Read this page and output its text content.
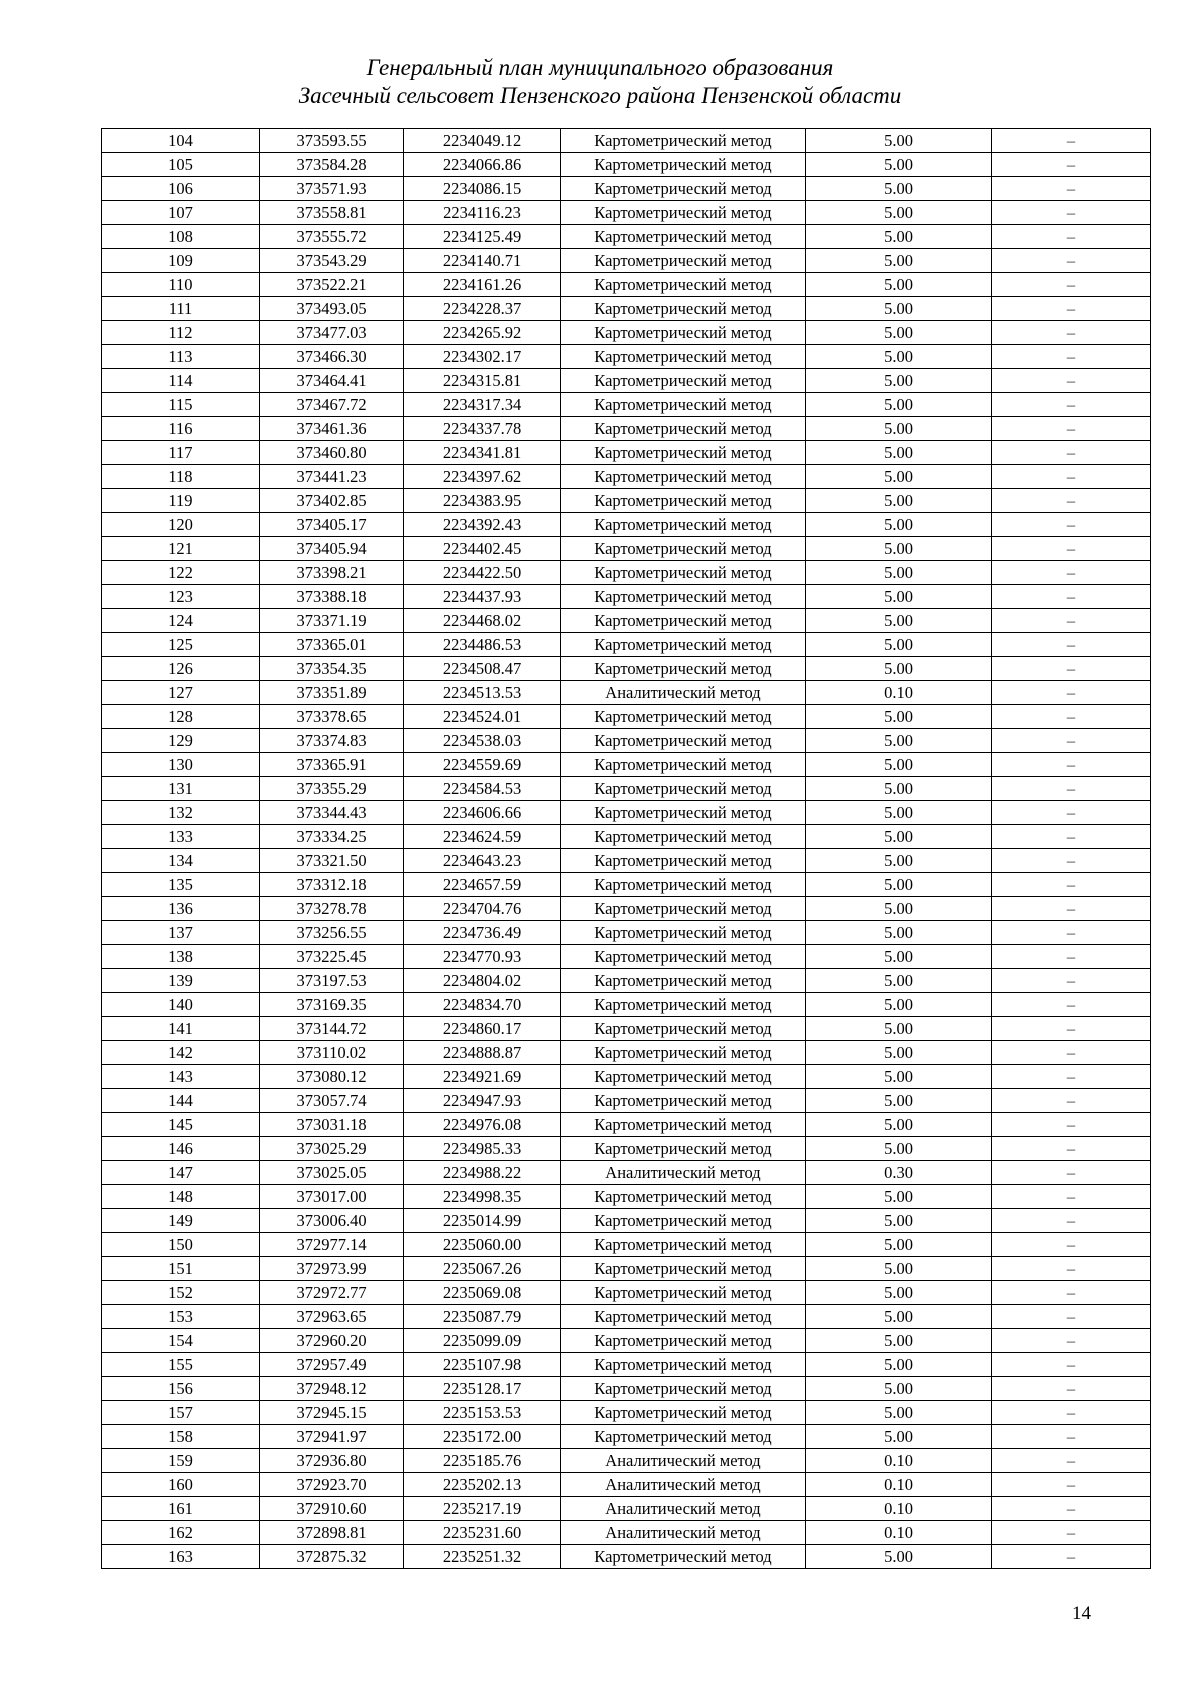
Генеральный план муниципального образования
Засечный сельсовет Пензенского района Пензенской области
104	373593.55	2234049.12	Картометрический метод	5.00	–
105	373584.28	2234066.86	Картометрический метод	5.00	–
106	373571.93	2234086.15	Картометрический метод	5.00	–
107	373558.81	2234116.23	Картометрический метод	5.00	–
108	373555.72	2234125.49	Картометрический метод	5.00	–
109	373543.29	2234140.71	Картометрический метод	5.00	–
110	373522.21	2234161.26	Картометрический метод	5.00	–
111	373493.05	2234228.37	Картометрический метод	5.00	–
112	373477.03	2234265.92	Картометрический метод	5.00	–
113	373466.30	2234302.17	Картометрический метод	5.00	–
114	373464.41	2234315.81	Картометрический метод	5.00	–
115	373467.72	2234317.34	Картометрический метод	5.00	–
116	373461.36	2234337.78	Картометрический метод	5.00	–
117	373460.80	2234341.81	Картометрический метод	5.00	–
118	373441.23	2234397.62	Картометрический метод	5.00	–
119	373402.85	2234383.95	Картометрический метод	5.00	–
120	373405.17	2234392.43	Картометрический метод	5.00	–
121	373405.94	2234402.45	Картометрический метод	5.00	–
122	373398.21	2234422.50	Картометрический метод	5.00	–
123	373388.18	2234437.93	Картометрический метод	5.00	–
124	373371.19	2234468.02	Картометрический метод	5.00	–
125	373365.01	2234486.53	Картометрический метод	5.00	–
126	373354.35	2234508.47	Картометрический метод	5.00	–
127	373351.89	2234513.53	Аналитический метод	0.10	–
128	373378.65	2234524.01	Картометрический метод	5.00	–
129	373374.83	2234538.03	Картометрический метод	5.00	–
130	373365.91	2234559.69	Картометрический метод	5.00	–
131	373355.29	2234584.53	Картометрический метод	5.00	–
132	373344.43	2234606.66	Картометрический метод	5.00	–
133	373334.25	2234624.59	Картометрический метод	5.00	–
134	373321.50	2234643.23	Картометрический метод	5.00	–
135	373312.18	2234657.59	Картометрический метод	5.00	–
136	373278.78	2234704.76	Картометрический метод	5.00	–
137	373256.55	2234736.49	Картометрический метод	5.00	–
138	373225.45	2234770.93	Картометрический метод	5.00	–
139	373197.53	2234804.02	Картометрический метод	5.00	–
140	373169.35	2234834.70	Картометрический метод	5.00	–
141	373144.72	2234860.17	Картометрический метод	5.00	–
142	373110.02	2234888.87	Картометрический метод	5.00	–
143	373080.12	2234921.69	Картометрический метод	5.00	–
144	373057.74	2234947.93	Картометрический метод	5.00	–
145	373031.18	2234976.08	Картометрический метод	5.00	–
146	373025.29	2234985.33	Картометрический метод	5.00	–
147	373025.05	2234988.22	Аналитический метод	0.30	–
148	373017.00	2234998.35	Картометрический метод	5.00	–
149	373006.40	2235014.99	Картометрический метод	5.00	–
150	372977.14	2235060.00	Картометрический метод	5.00	–
151	372973.99	2235067.26	Картометрический метод	5.00	–
152	372972.77	2235069.08	Картометрический метод	5.00	–
153	372963.65	2235087.79	Картометрический метод	5.00	–
154	372960.20	2235099.09	Картометрический метод	5.00	–
155	372957.49	2235107.98	Картометрический метод	5.00	–
156	372948.12	2235128.17	Картометрический метод	5.00	–
157	372945.15	2235153.53	Картометрический метод	5.00	–
158	372941.97	2235172.00	Картометрический метод	5.00	–
159	372936.80	2235185.76	Аналитический метод	0.10	–
160	372923.70	2235202.13	Аналитический метод	0.10	–
161	372910.60	2235217.19	Аналитический метод	0.10	–
162	372898.81	2235231.60	Аналитический метод	0.10	–
163	372875.32	2235251.32	Картометрический метод	5.00	–
14
